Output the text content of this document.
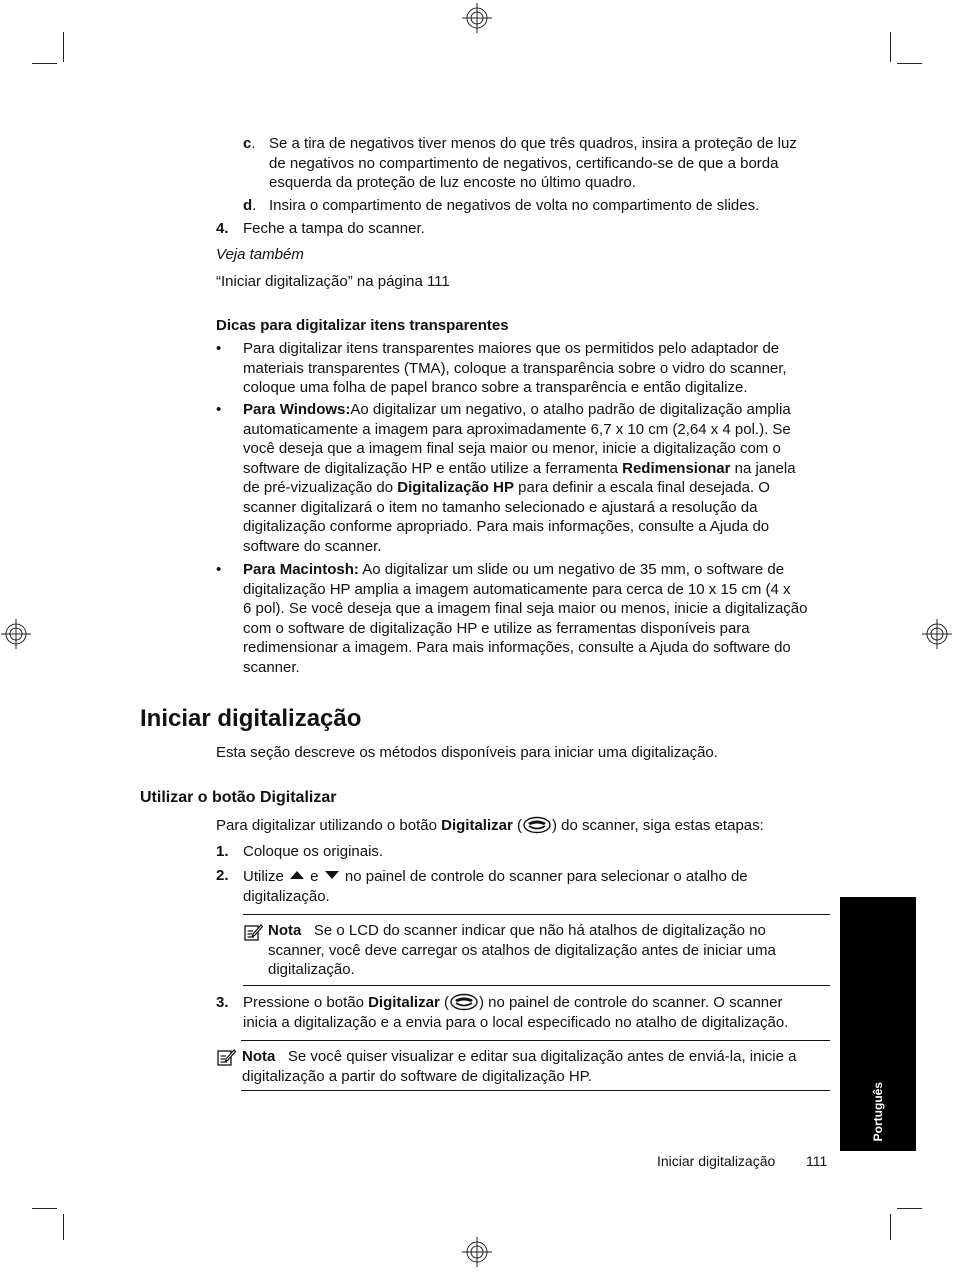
c. Se a tira de negativos tiver menos do que três quadros, insira a proteção de luz
de negativos no compartimento de negativos, certificando-se de que a borda
esquerda da proteção de luz encoste no último quadro.
d. Insira o compartimento de negativos de volta no compartimento de slides.
4. Feche a tampa do scanner.
Veja também
“Iniciar digitalização” na página 111
Dicas para digitalizar itens transparentes
• Para digitalizar itens transparentes maiores que os permitidos pelo adaptador de
materiais transparentes (TMA), coloque a transparência sobre o vidro do scanner,
coloque uma folha de papel branco sobre a transparência e então digitalize.
• Para Windows:Ao digitalizar um negativo, o atalho padrão de digitalização amplia
automaticamente a imagem para aproximadamente 6,7 x 10 cm (2,64 x 4 pol.). Se
você deseja que a imagem final seja maior ou menor, inicie a digitalização com o
software de digitalização HP e então utilize a ferramenta Redimensionar na janela
de pré-vizualização do Digitalização HP para definir a escala final desejada. O
scanner digitalizará o item no tamanho selecionado e ajustará a resolução da
digitalização conforme apropriado. Para mais informações, consulte a Ajuda do
software do scanner.
• Para Macintosh: Ao digitalizar um slide ou um negativo de 35 mm, o software de
digitalização HP amplia a imagem automaticamente para cerca de 10 x 15 cm (4 x
6 pol). Se você deseja que a imagem final seja maior ou menos, inicie a digitalização
com o software de digitalização HP e utilize as ferramentas disponíveis para
redimensionar a imagem. Para mais informações, consulte a Ajuda do software do
scanner.
Iniciar digitalização
Esta seção descreve os métodos disponíveis para iniciar uma digitalização.
Utilizar o botão Digitalizar
Para digitalizar utilizando o botão Digitalizar ( ) do scanner, siga estas etapas:
1. Coloque os originais.
2. Utilize  e  no painel de controle do scanner para selecionar o atalho de
digitalização.
Nota Se o LCD do scanner indicar que não há atalhos de digitalização no
scanner, você deve carregar os atalhos de digitalização antes de iniciar uma
digitalização.
3. Pressione o botão Digitalizar ( ) no painel de controle do scanner. O scanner
inicia a digitalização e a envia para o local especificado no atalho de digitalização.
Nota Se você quiser visualizar e editar sua digitalização antes de enviá-la, inicie a
digitalização a partir do software de digitalização HP.
Português
Iniciar digitalização 111
